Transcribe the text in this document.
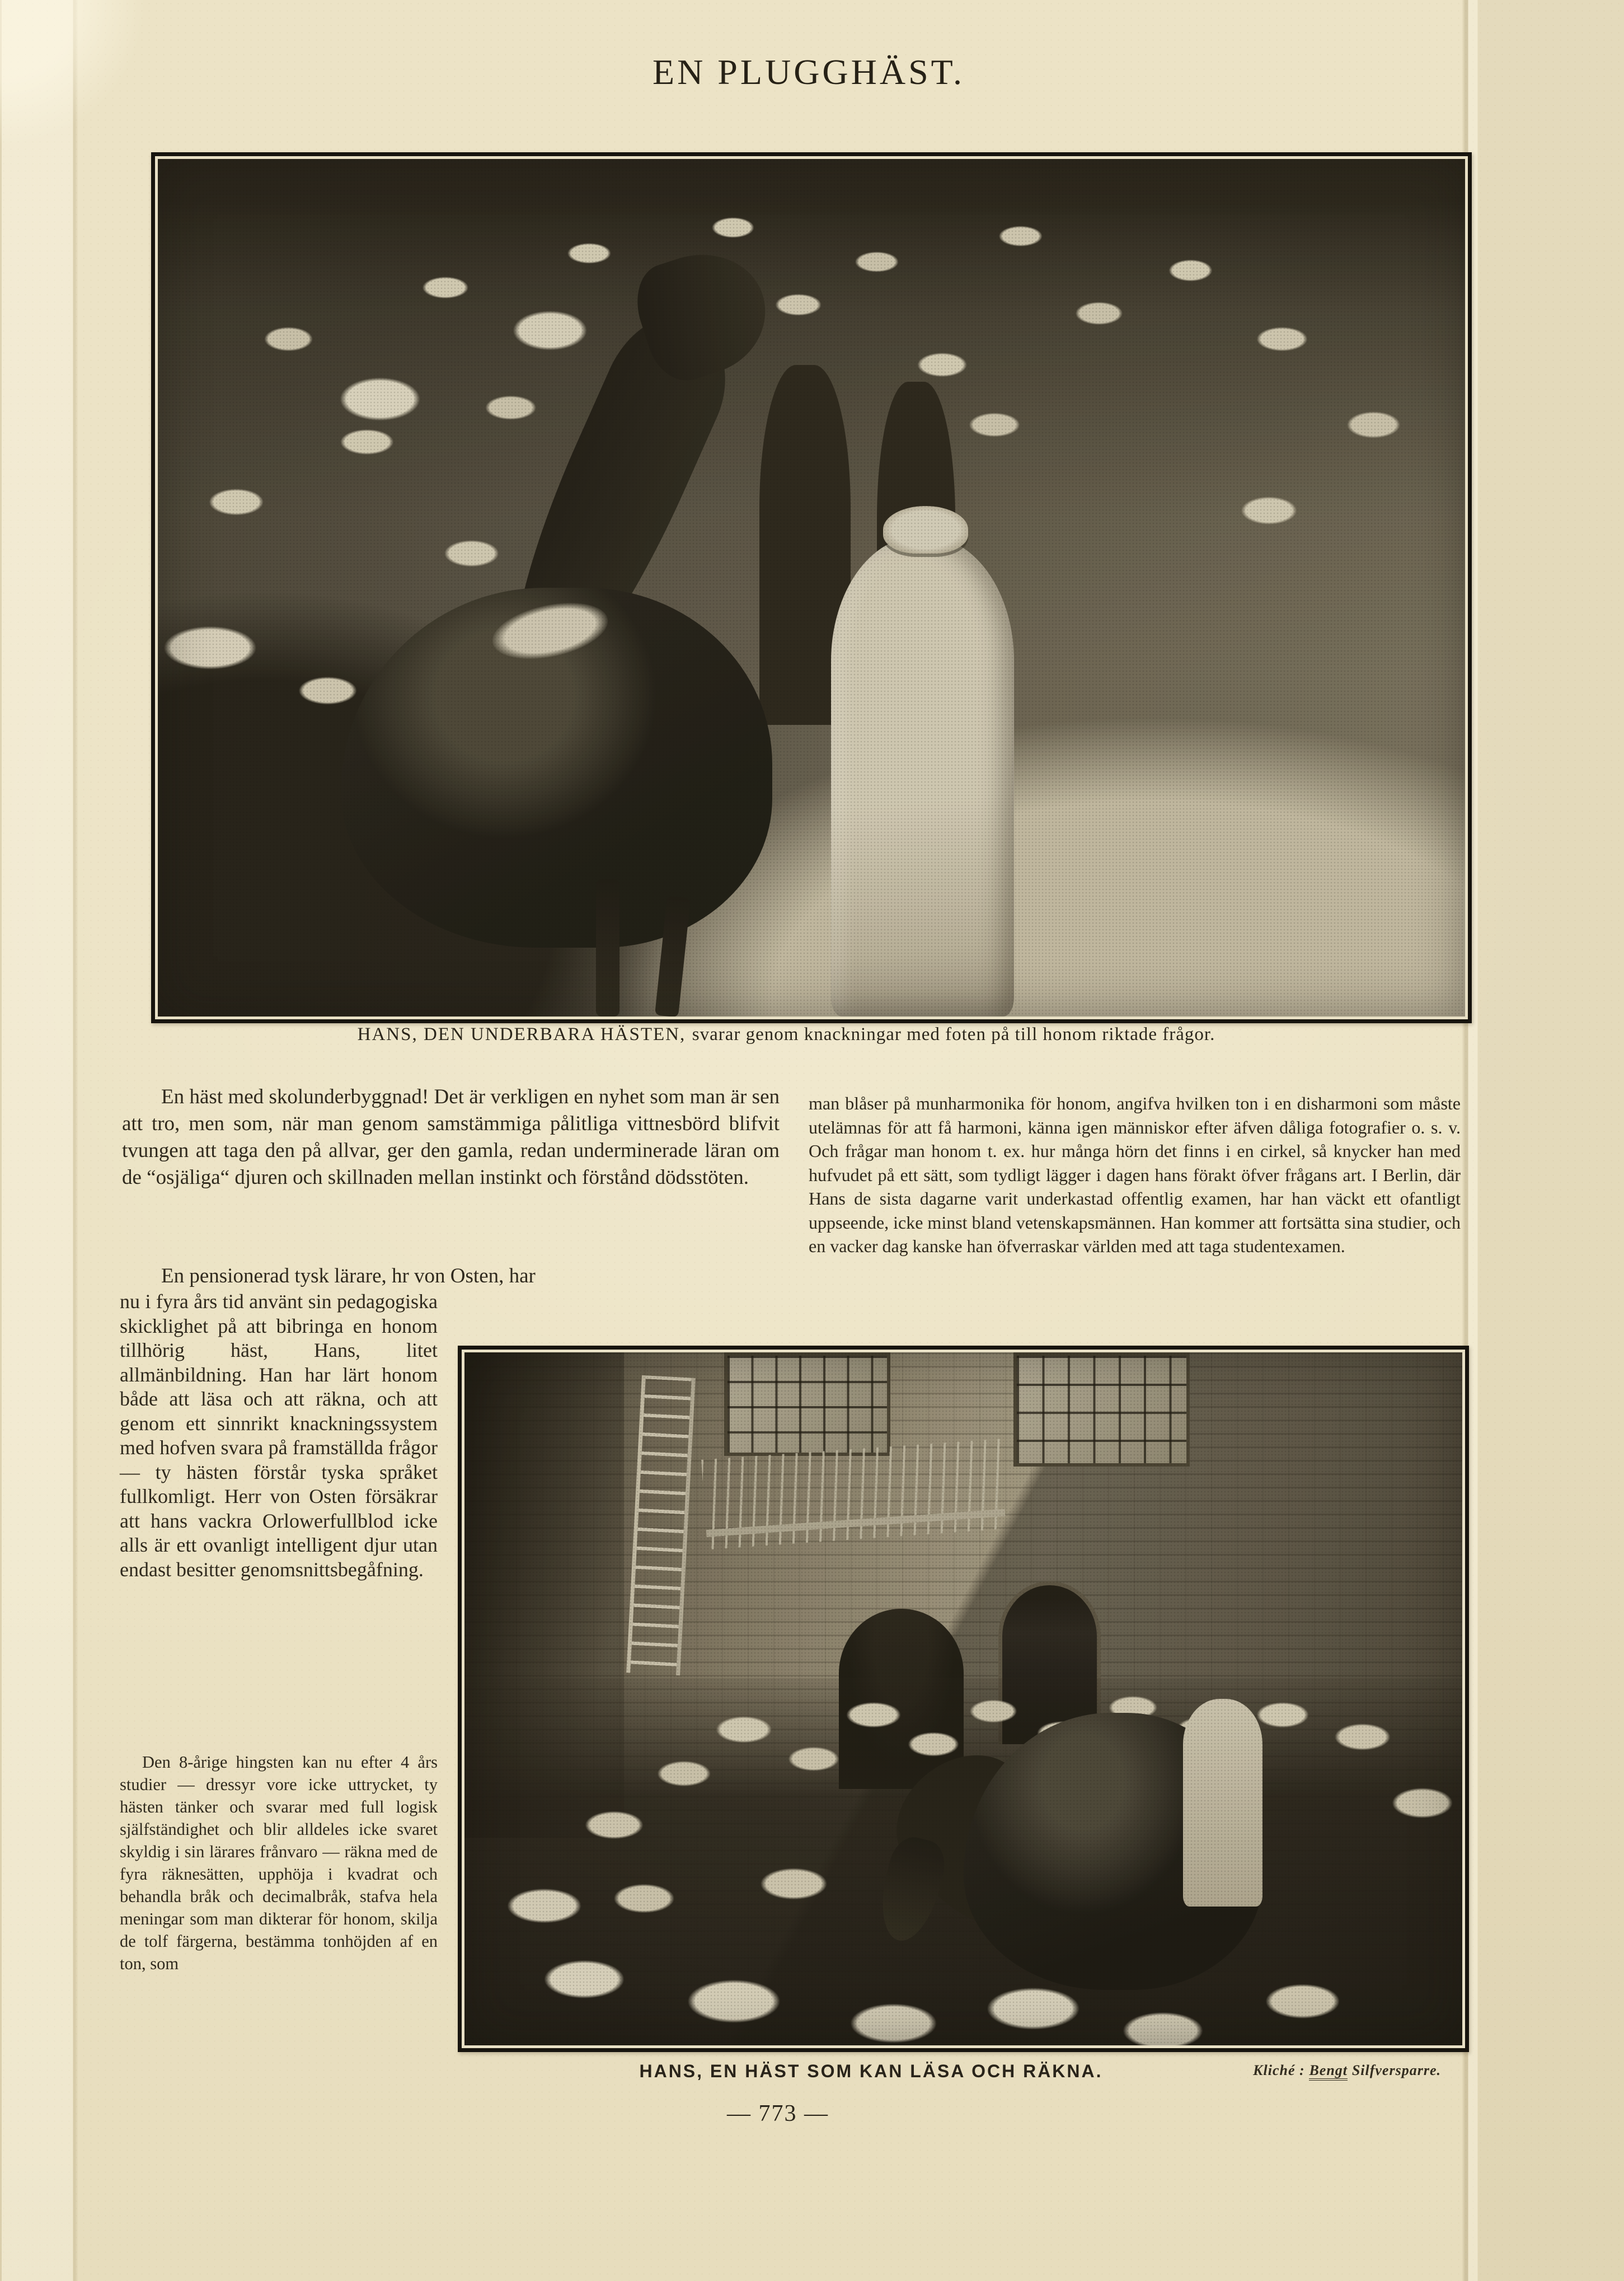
EN PLUGGHÄST.

HANS, DEN UNDERBARA HÄSTEN, svarar genom knackningar med foten på till honom riktade frågor.

En häst med skolunderbyggnad! Det är verkligen en nyhet som man är sen att tro, men som, när man genom samstämmiga pålitliga vittnesbörd blifvit tvungen att taga den på allvar, ger den gamla, redan underminerade läran om de “osjäliga“ djuren och skillnaden mellan instinkt och förstånd dödsstöten.

En pensionerad tysk lärare, hr von Osten, har

nu i fyra års tid använt sin pedagogiska skicklighet på att bibringa en honom tillhörig häst, Hans, litet allmänbildning. Han har lärt honom både att läsa och att räkna, och att genom ett sinnrikt knackningssystem med hofven svara på framställda frågor — ty hästen förstår tyska språket fullkomligt. Herr von Osten försäkrar att hans vackra Orlowerfullblod icke alls är ett ovanligt intelligent djur utan endast besitter genomsnittsbegåfning.

Den 8-årige hingsten kan nu efter 4 års studier — dressyr vore icke uttrycket, ty hästen tänker och svarar med full logisk själfständighet och blir alldeles icke svaret skyldig i sin lärares frånvaro — räkna med de fyra räknesätten, upphöja i kvadrat och behandla bråk och decimalbråk, stafva hela meningar som man dikterar för honom, skilja de tolf färgerna, bestämma tonhöjden af en ton, som

man blåser på munharmonika för honom, angifva hvilken ton i en disharmoni som måste utelämnas för att få harmoni, känna igen människor efter äfven dåliga fotografier o. s. v. Och frågar man honom t. ex. hur många hörn det finns i en cirkel, så knycker han med hufvudet på ett sätt, som tydligt lägger i dagen hans förakt öfver frågans art. I Berlin, där Hans de sista dagarne varit underkastad offentlig examen, har han väckt ett ofantligt uppseende, icke minst bland vetenskapsmännen. Han kommer att fortsätta sina studier, och en vacker dag kanske han öfverraskar världen med att taga studentexamen.

HANS, EN HÄST SOM KAN LÄSA OCH RÄKNA.	Kliché : Bengt Silfversparre.

— 773 —
